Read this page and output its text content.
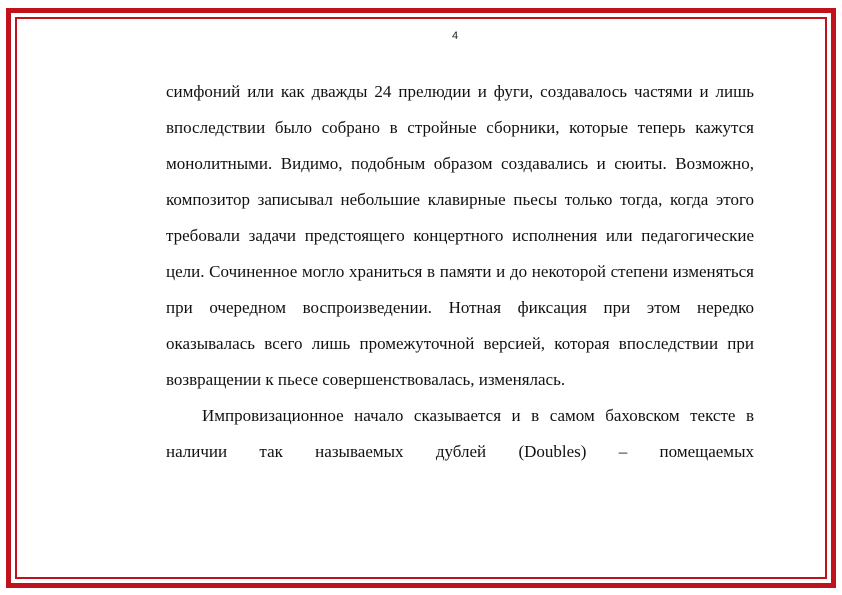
4

симфоний или как дважды 24 прелюдии и фуги, создавалось частями и лишь впоследствии было собрано в стройные сборники, которые теперь кажутся монолитными. Видимо, подобным образом создавались и сюиты. Возможно, композитор записывал небольшие клавирные пьесы только тогда, когда этого требовали задачи предстоящего концертного исполнения или педагогические цели. Сочиненное могло храниться в памяти и до некоторой степени изменяться при очередном воспроизведении. Нотная фиксация при этом нередко оказывалась всего лишь промежуточной версией, которая впоследствии при возвращении к пьесе совершенствовалась, изменялась.

Импровизационное начало сказывается и в самом баховском тексте в наличии так называемых дублей (Doubles) – помещаемых
